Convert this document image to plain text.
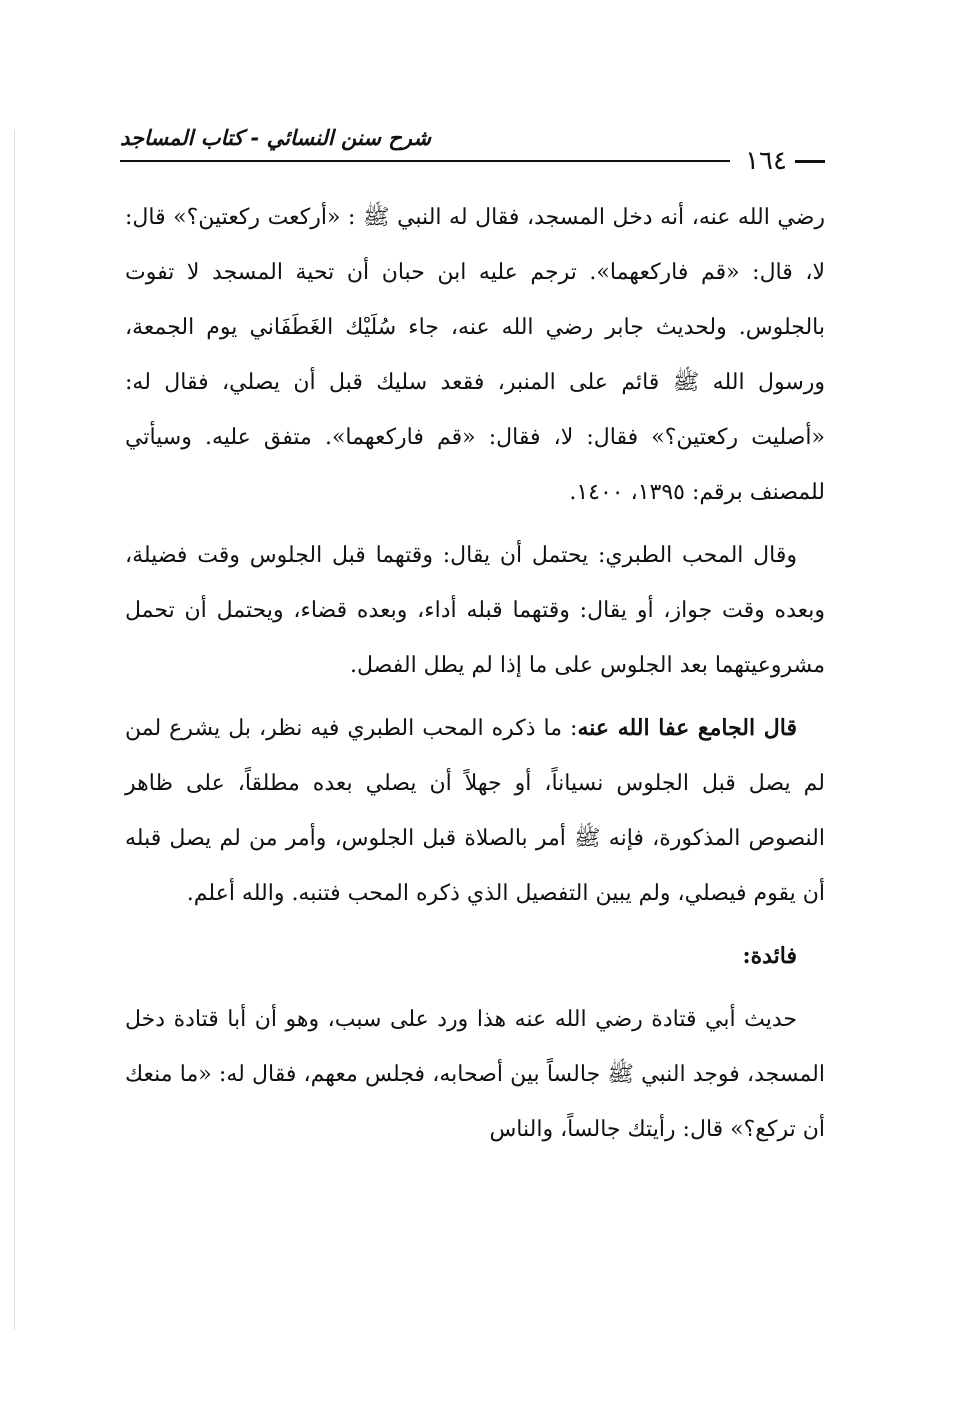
شرح سنن النسائي - كتاب المساجد
١٦٤

رضي الله عنه، أنه دخل المسجد، فقال له النبي ﷺ : «أركعت ركعتين؟» قال: لا، قال: «قم فاركعهما». ترجم عليه ابن حبان أن تحية المسجد لا تفوت بالجلوس. ولحديث جابر رضي الله عنه، جاء سُلَيْك الغَطَفَاني يوم الجمعة، ورسول الله ﷺ قائم على المنبر، فقعد سليك قبل أن يصلي، فقال له: «أصليت ركعتين؟» فقال: لا، فقال: «قم فاركعهما». متفق عليه. وسيأتي للمصنف برقم: ١٣٩٥، ١٤٠٠.

وقال المحب الطبري: يحتمل أن يقال: وقتهما قبل الجلوس وقت فضيلة، وبعده وقت جواز، أو يقال: وقتهما قبله أداء، وبعده قضاء، ويحتمل أن تحمل مشروعيتهما بعد الجلوس على ما إذا لم يطل الفصل.

قال الجامع عفا الله عنه: ما ذكره المحب الطبري فيه نظر، بل يشرع لمن لم يصل قبل الجلوس نسياناً، أو جهلاً أن يصلي بعده مطلقاً، على ظاهر النصوص المذكورة، فإنه ﷺ أمر بالصلاة قبل الجلوس، وأمر من لم يصل قبله أن يقوم فيصلي، ولم يبين التفصيل الذي ذكره المحب فتنبه. والله أعلم.

فائدة:

حديث أبي قتادة رضي الله عنه هذا ورد على سبب، وهو أن أبا قتادة دخل المسجد، فوجد النبي ﷺ جالساً بين أصحابه، فجلس معهم، فقال له: «ما منعك أن تركع؟» قال: رأيتك جالساً، والناس
